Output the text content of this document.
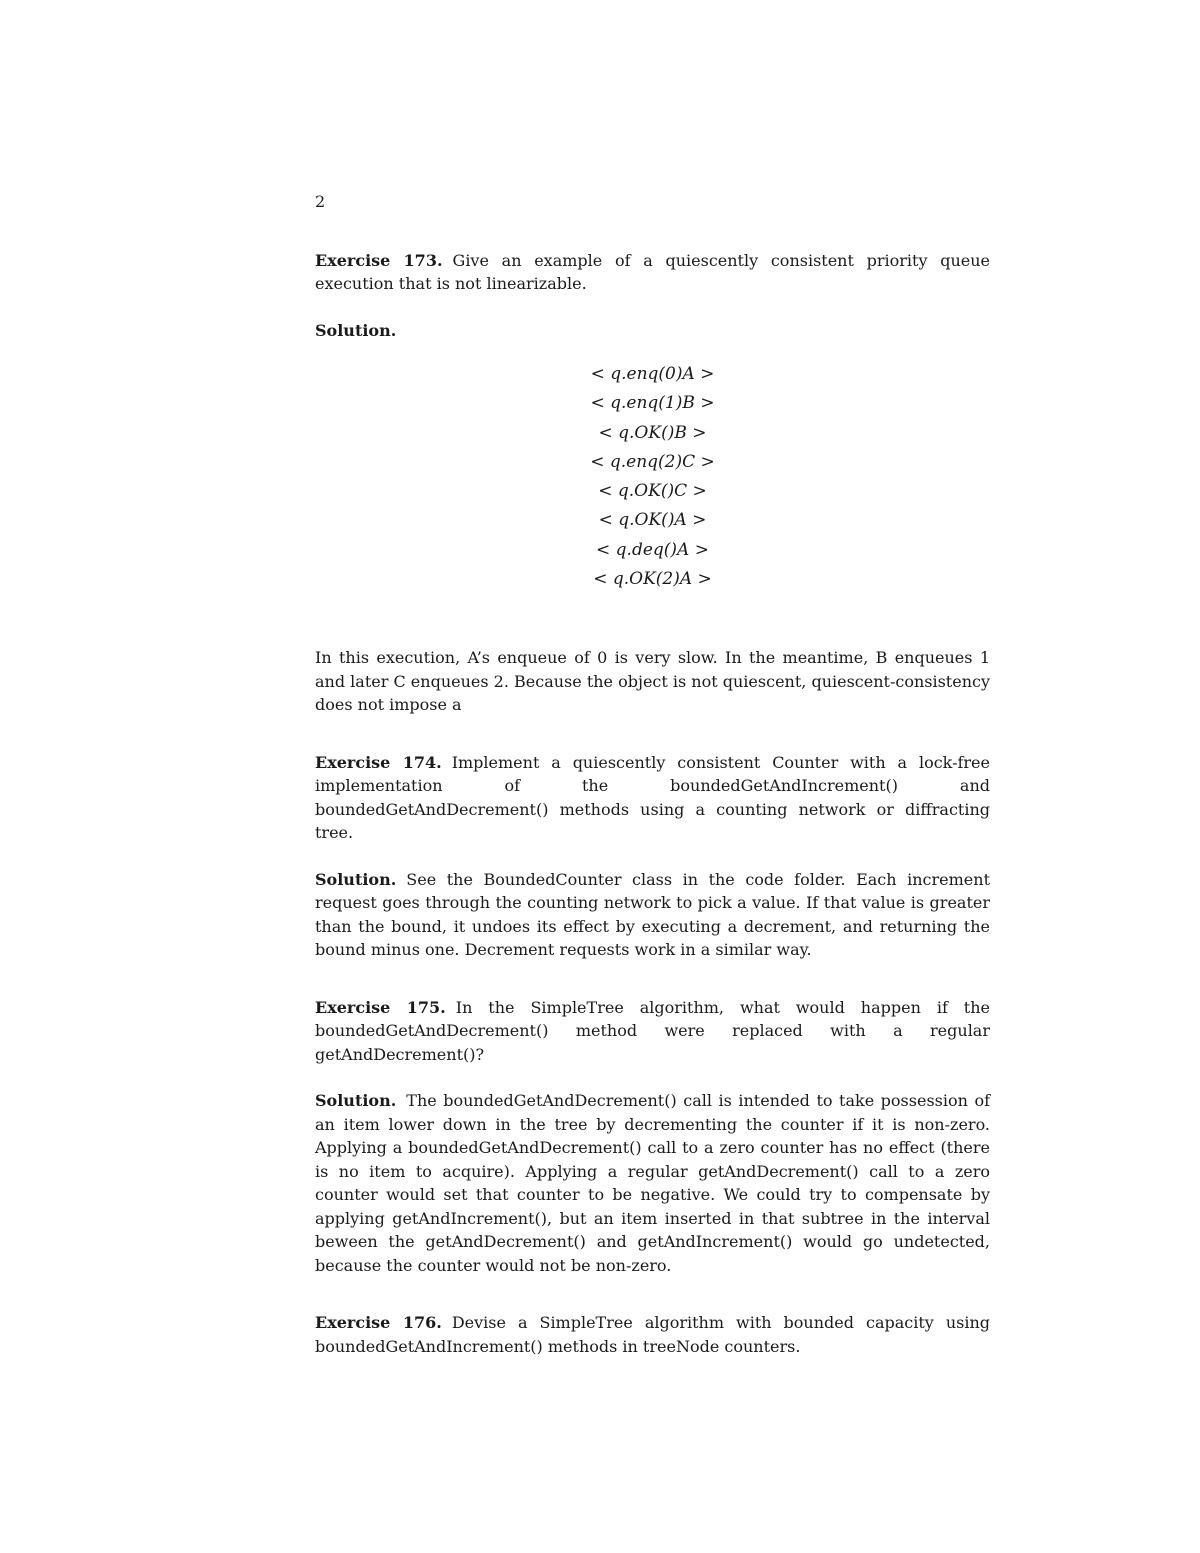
2

Exercise 173. Give an example of a quiescently consistent priority queue execution that is not linearizable.

Solution.

< q.enq(0)A >
< q.enq(1)B >
< q.OK()B >
< q.enq(2)C >
< q.OK()C >
< q.OK()A >
< q.deq()A >
< q.OK(2)A >

In this execution, A’s enqueue of 0 is very slow. In the meantime, B enqueues 1 and later C enqueues 2. Because the object is not quiescent, quiescent-consistency does not impose a

Exercise 174. Implement a quiescently consistent Counter with a lock-free implementation of the boundedGetAndIncrement() and boundedGetAndDecrement() methods using a counting network or diffracting tree.

Solution. See the BoundedCounter class in the code folder. Each increment request goes through the counting network to pick a value. If that value is greater than the bound, it undoes its effect by executing a decrement, and returning the bound minus one. Decrement requests work in a similar way.

Exercise 175. In the SimpleTree algorithm, what would happen if the boundedGetAndDecrement() method were replaced with a regular getAndDecrement()?

Solution. The boundedGetAndDecrement() call is intended to take possession of an item lower down in the tree by decrementing the counter if it is non-zero. Applying a boundedGetAndDecrement() call to a zero counter has no effect (there is no item to acquire). Applying a regular getAndDecrement() call to a zero counter would set that counter to be negative. We could try to compensate by applying getAndIncrement(), but an item inserted in that subtree in the interval beween the getAndDecrement() and getAndIncrement() would go undetected, because the counter would not be non-zero.

Exercise 176. Devise a SimpleTree algorithm with bounded capacity using boundedGetAndIncrement() methods in treeNode counters.
